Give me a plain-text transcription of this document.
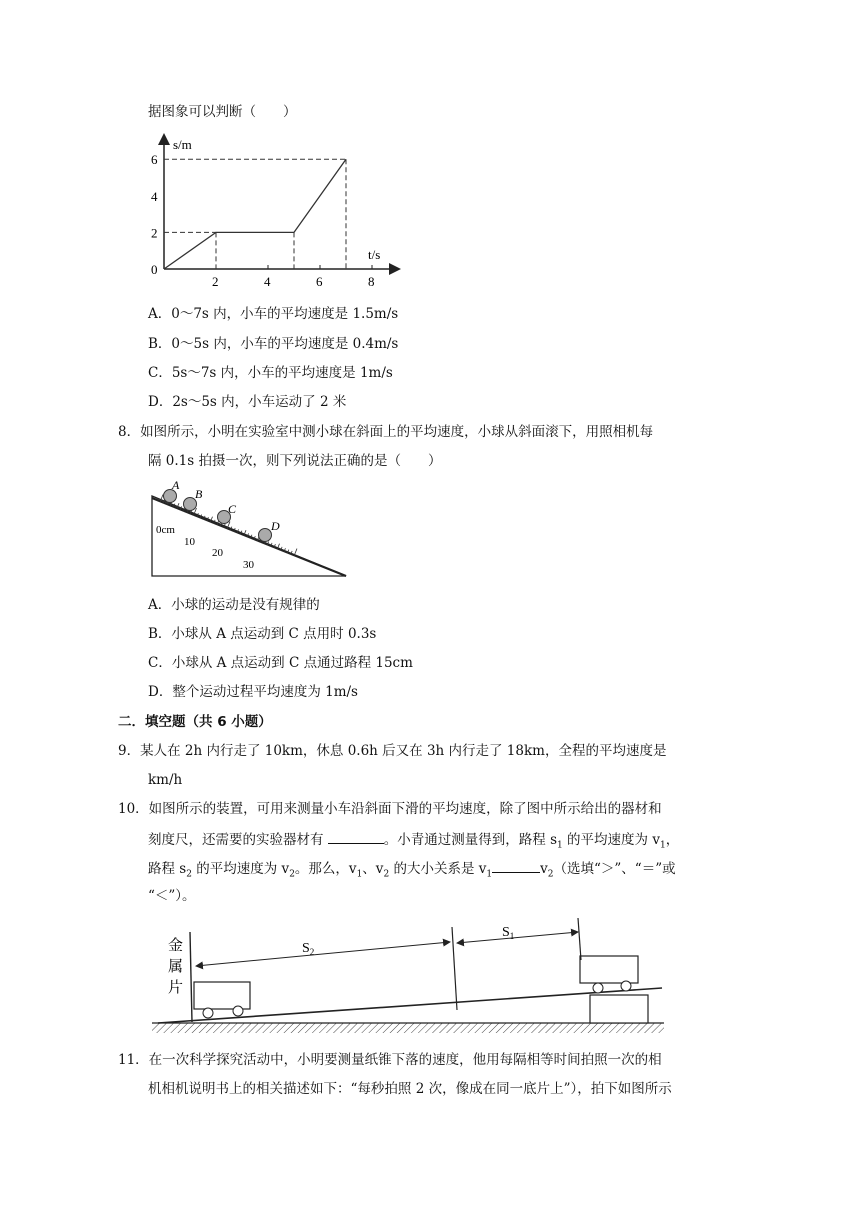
据图象可以判断（　　）
s/m
t/s
6
4
2
0
2	4	6	8
A．0～7s 内，小车的平均速度是 1.5m/s
B．0～5s 内，小车的平均速度是 0.4m/s
C．5s～7s 内，小车的平均速度是 1m/s
D．2s～5s 内，小车运动了 2 米
8．如图所示，小明在实验室中测小球在斜面上的平均速度，小球从斜面滚下，用照相机每
隔 0.1s 拍摄一次，则下列说法正确的是（　　）
A
B
C
D
0cm
10
20
30
A．小球的运动是没有规律的
B．小球从 A 点运动到 C 点用时 0.3s
C．小球从 A 点运动到 C 点通过路程 15cm
D．整个运动过程平均速度为 1m/s
二．填空题（共 6 小题）
9．某人在 2h 内行走了 10km，休息 0.6h 后又在 3h 内行走了 18km，全程的平均速度是
km/h
10．如图所示的装置，可用来测量小车沿斜面下滑的平均速度，除了图中所示给出的器材和
刻度尺，还需要的实验器材有	。小青通过测量得到，路程 $s_1$ 的平均速度为 $v_1$，
路程 $s_2$ 的平均速度为 $v_2$。那么，$v_1$、$v_2$ 的大小关系是 $v_1$	$v_2$（选填“＞”、“＝”或
“＜”）。
金
属
片
$S_2$
$S_1$
11．在一次科学探究活动中，小明要测量纸锥下落的速度，他用每隔相等时间拍照一次的相
机相机说明书上的相关描述如下：“每秒拍照 2 次，像成在同一底片上”），拍下如图所示
